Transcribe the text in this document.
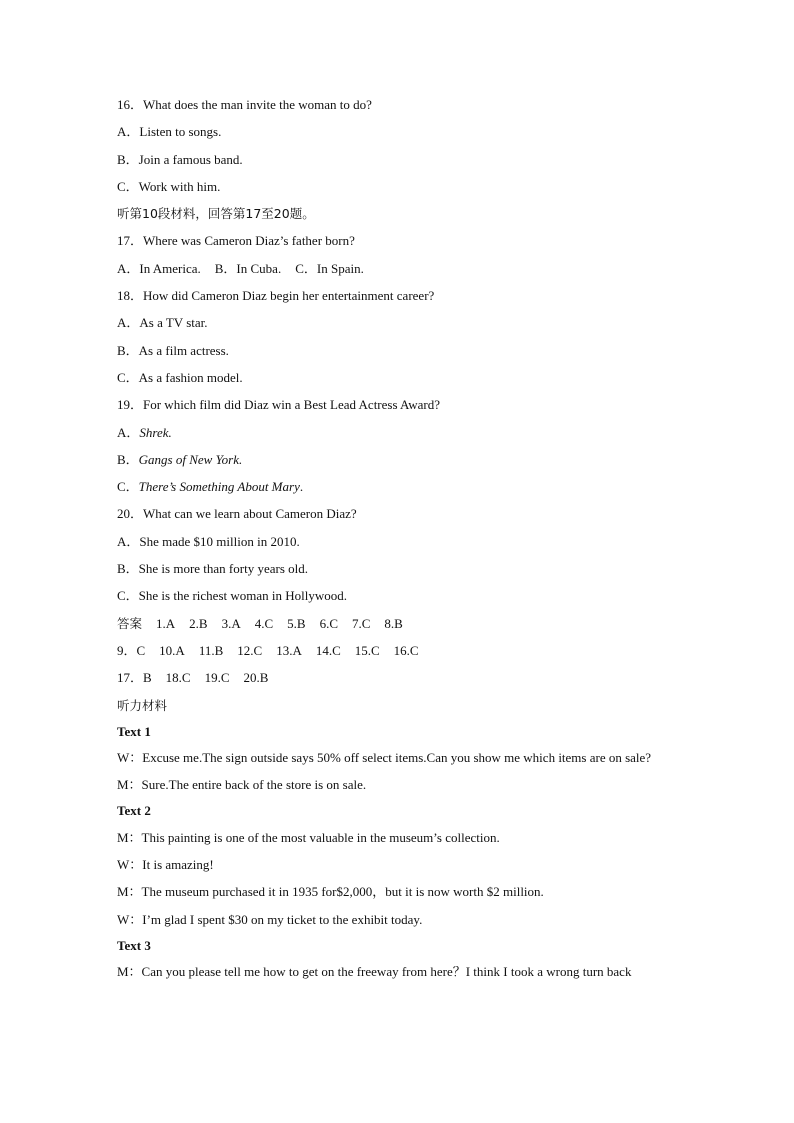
16．What does the man invite the woman to do?
A．Listen to songs.
B．Join a famous band.
C．Work with him.
听第10段材料，回答第17至20题。
17．Where was Cameron Diaz’s father born?
A．In America. B．In Cuba. C．In Spain.
18．How did Cameron Diaz begin her entertainment career?
A．As a TV star.
B．As a film actress.
C．As a fashion model.
19．For which film did Diaz win a Best Lead Actress Award?
A．Shrek.
B．Gangs of New York.
C．There’s Something About Mary.
20．What can we learn about Cameron Diaz?
A．She made $10 million in 2010.
B．She is more than forty years old.
C．She is the richest woman in Hollywood.
答案 1.A 2.B 3.A 4.C 5.B 6.C 7.C 8.B
9．C 10.A 11.B 12.C 13.A 14.C 15.C 16.C
17．B 18.C 19.C 20.B
听力材料
Text 1
W：Excuse me.The sign outside says 50% off select items.Can you show me which items are on sale?
M：Sure.The entire back of the store is on sale.
Text 2
M：This painting is one of the most valuable in the museum’s collection.
W：It is amazing!
M：The museum purchased it in 1935 for$2,000，but it is now worth $2 million.
W：I’m glad I spent $30 on my ticket to the exhibit today.
Text 3
M：Can you please tell me how to get on the freeway from here？I think I took a wrong turn back
